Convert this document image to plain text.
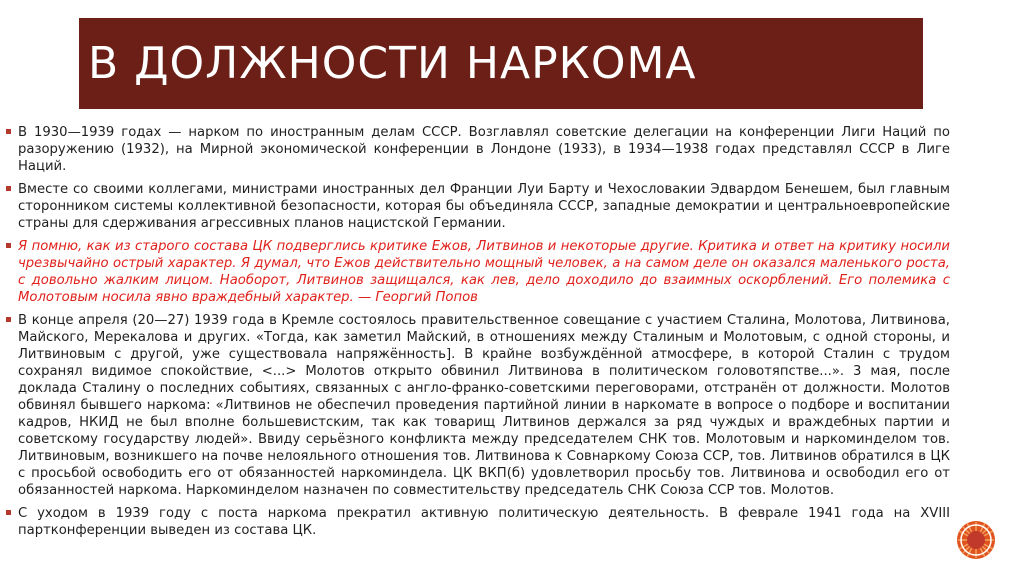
В ДОЛЖНОСТИ НАРКОМА
В 1930—1939 годах — нарком по иностранным делам СССР. Возглавлял советские делегации на конференции Лиги Наций по разоружению (1932), на Мирной экономической конференции в Лондоне (1933), в 1934—1938 годах представлял СССР в Лиге Наций.
Вместе со своими коллегами, министрами иностранных дел Франции Луи Барту и Чехословакии Эдвардом Бенешем, был главным сторонником системы коллективной безопасности, которая бы объединяла СССР, западные демократии и центральноевропейские страны для сдерживания агрессивных планов нацистской Германии.
Я помню, как из старого состава ЦК подверглись критике Ежов, Литвинов и некоторые другие. Критика и ответ на критику носили чрезвычайно острый характер. Я думал, что Ежов действительно мощный человек, а на самом деле он оказался маленького роста, с довольно жалким лицом. Наоборот, Литвинов защищался, как лев, дело доходило до взаимных оскорблений. Его полемика с Молотовым носила явно враждебный характер. — Георгий Попов
В конце апреля (20—27) 1939 года в Кремле состоялось правительственное совещание с участием Сталина, Молотова, Литвинова, Майского, Мерекалова и других. «Тогда, как заметил Майский, в отношениях между Сталиным и Молотовым, с одной стороны, и Литвиновым с другой, уже существовала напряжённость]. В крайне возбуждённой атмосфере, в которой Сталин с трудом сохранял видимое спокойствие, <...> Молотов открыто обвинил Литвинова в политическом головотяпстве...». 3 мая, после доклада Сталину о последних событиях, связанных с англо-франко-советскими переговорами, отстранён от должности. Молотов обвинял бывшего наркома: «Литвинов не обеспечил проведения партийной линии в наркомате в вопросе о подборе и воспитании кадров, НКИД не был вполне большевистским, так как товарищ Литвинов держался за ряд чуждых и враждебных партии и советскому государству людей». Ввиду серьёзного конфликта между председателем СНК тов. Молотовым и наркоминделом тов. Литвиновым, возникшего на почве нелояльного отношения тов. Литвинова к Совнаркому Союза ССР, тов. Литвинов обратился в ЦК с просьбой освободить его от обязанностей наркоминдела. ЦК ВКП(б) удовлетворил просьбу тов. Литвинова и освободил его от обязанностей наркома. Наркоминделом назначен по совместительству председатель СНК Союза ССР тов. Молотов.
С уходом в 1939 году с поста наркома прекратил активную политическую деятельность. В феврале 1941 года на XVIII партконференции выведен из состава ЦК.
